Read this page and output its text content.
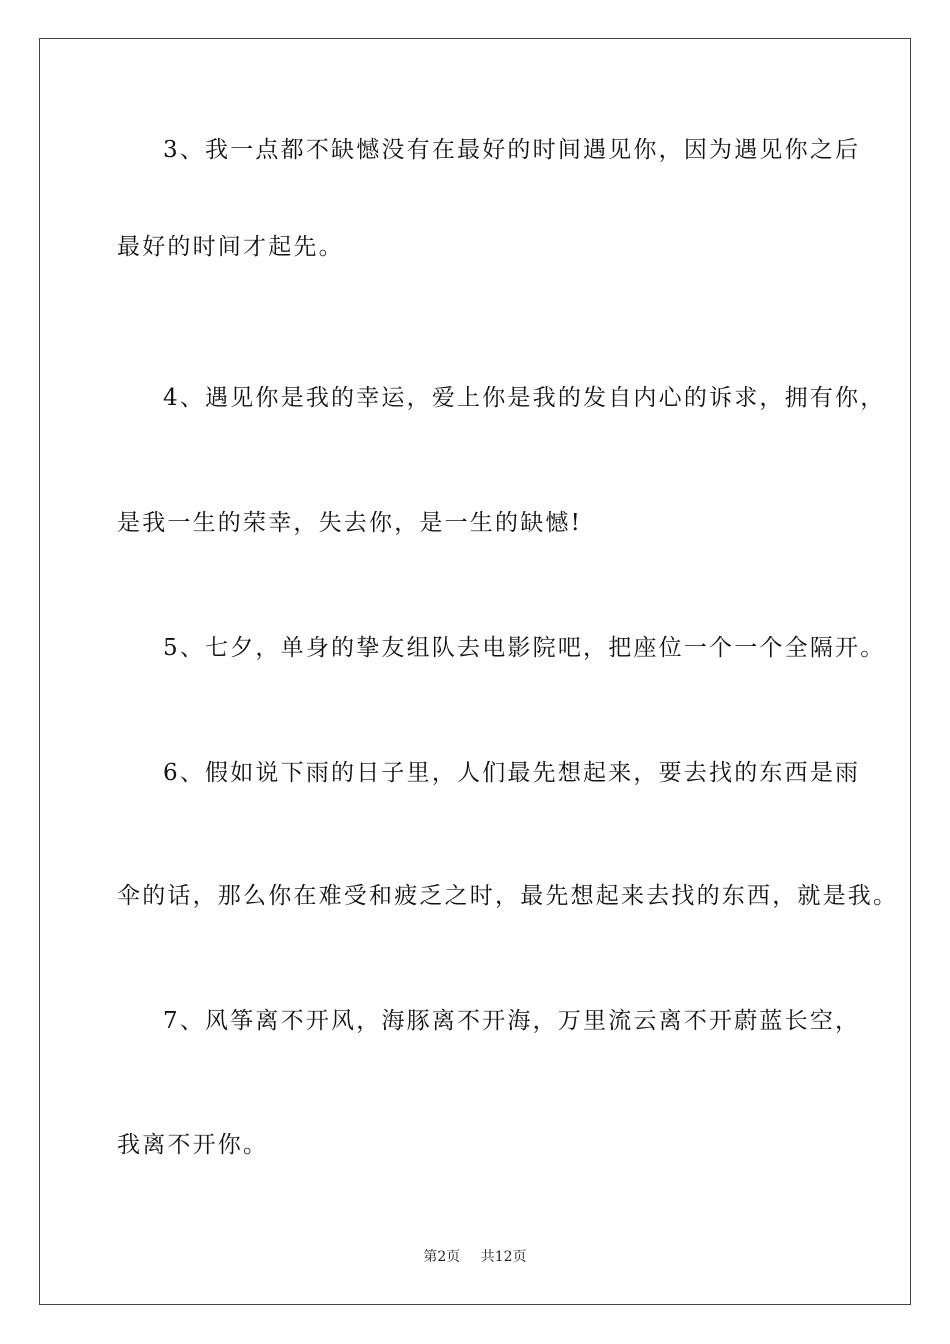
3、我一点都不缺憾没有在最好的时间遇见你，因为遇见你之后
最好的时间才起先。
4、遇见你是我的幸运，爱上你是我的发自内心的诉求，拥有你，
是我一生的荣幸，失去你，是一生的缺憾!
5、七夕，单身的挚友组队去电影院吧，把座位一个一个全隔开。
6、假如说下雨的日子里，人们最先想起来，要去找的东西是雨
伞的话，那么你在难受和疲乏之时，最先想起来去找的东西，就是我。
7、风筝离不开风，海豚离不开海，万里流云离不开蔚蓝长空，
我离不开你。
第2页 共12页
